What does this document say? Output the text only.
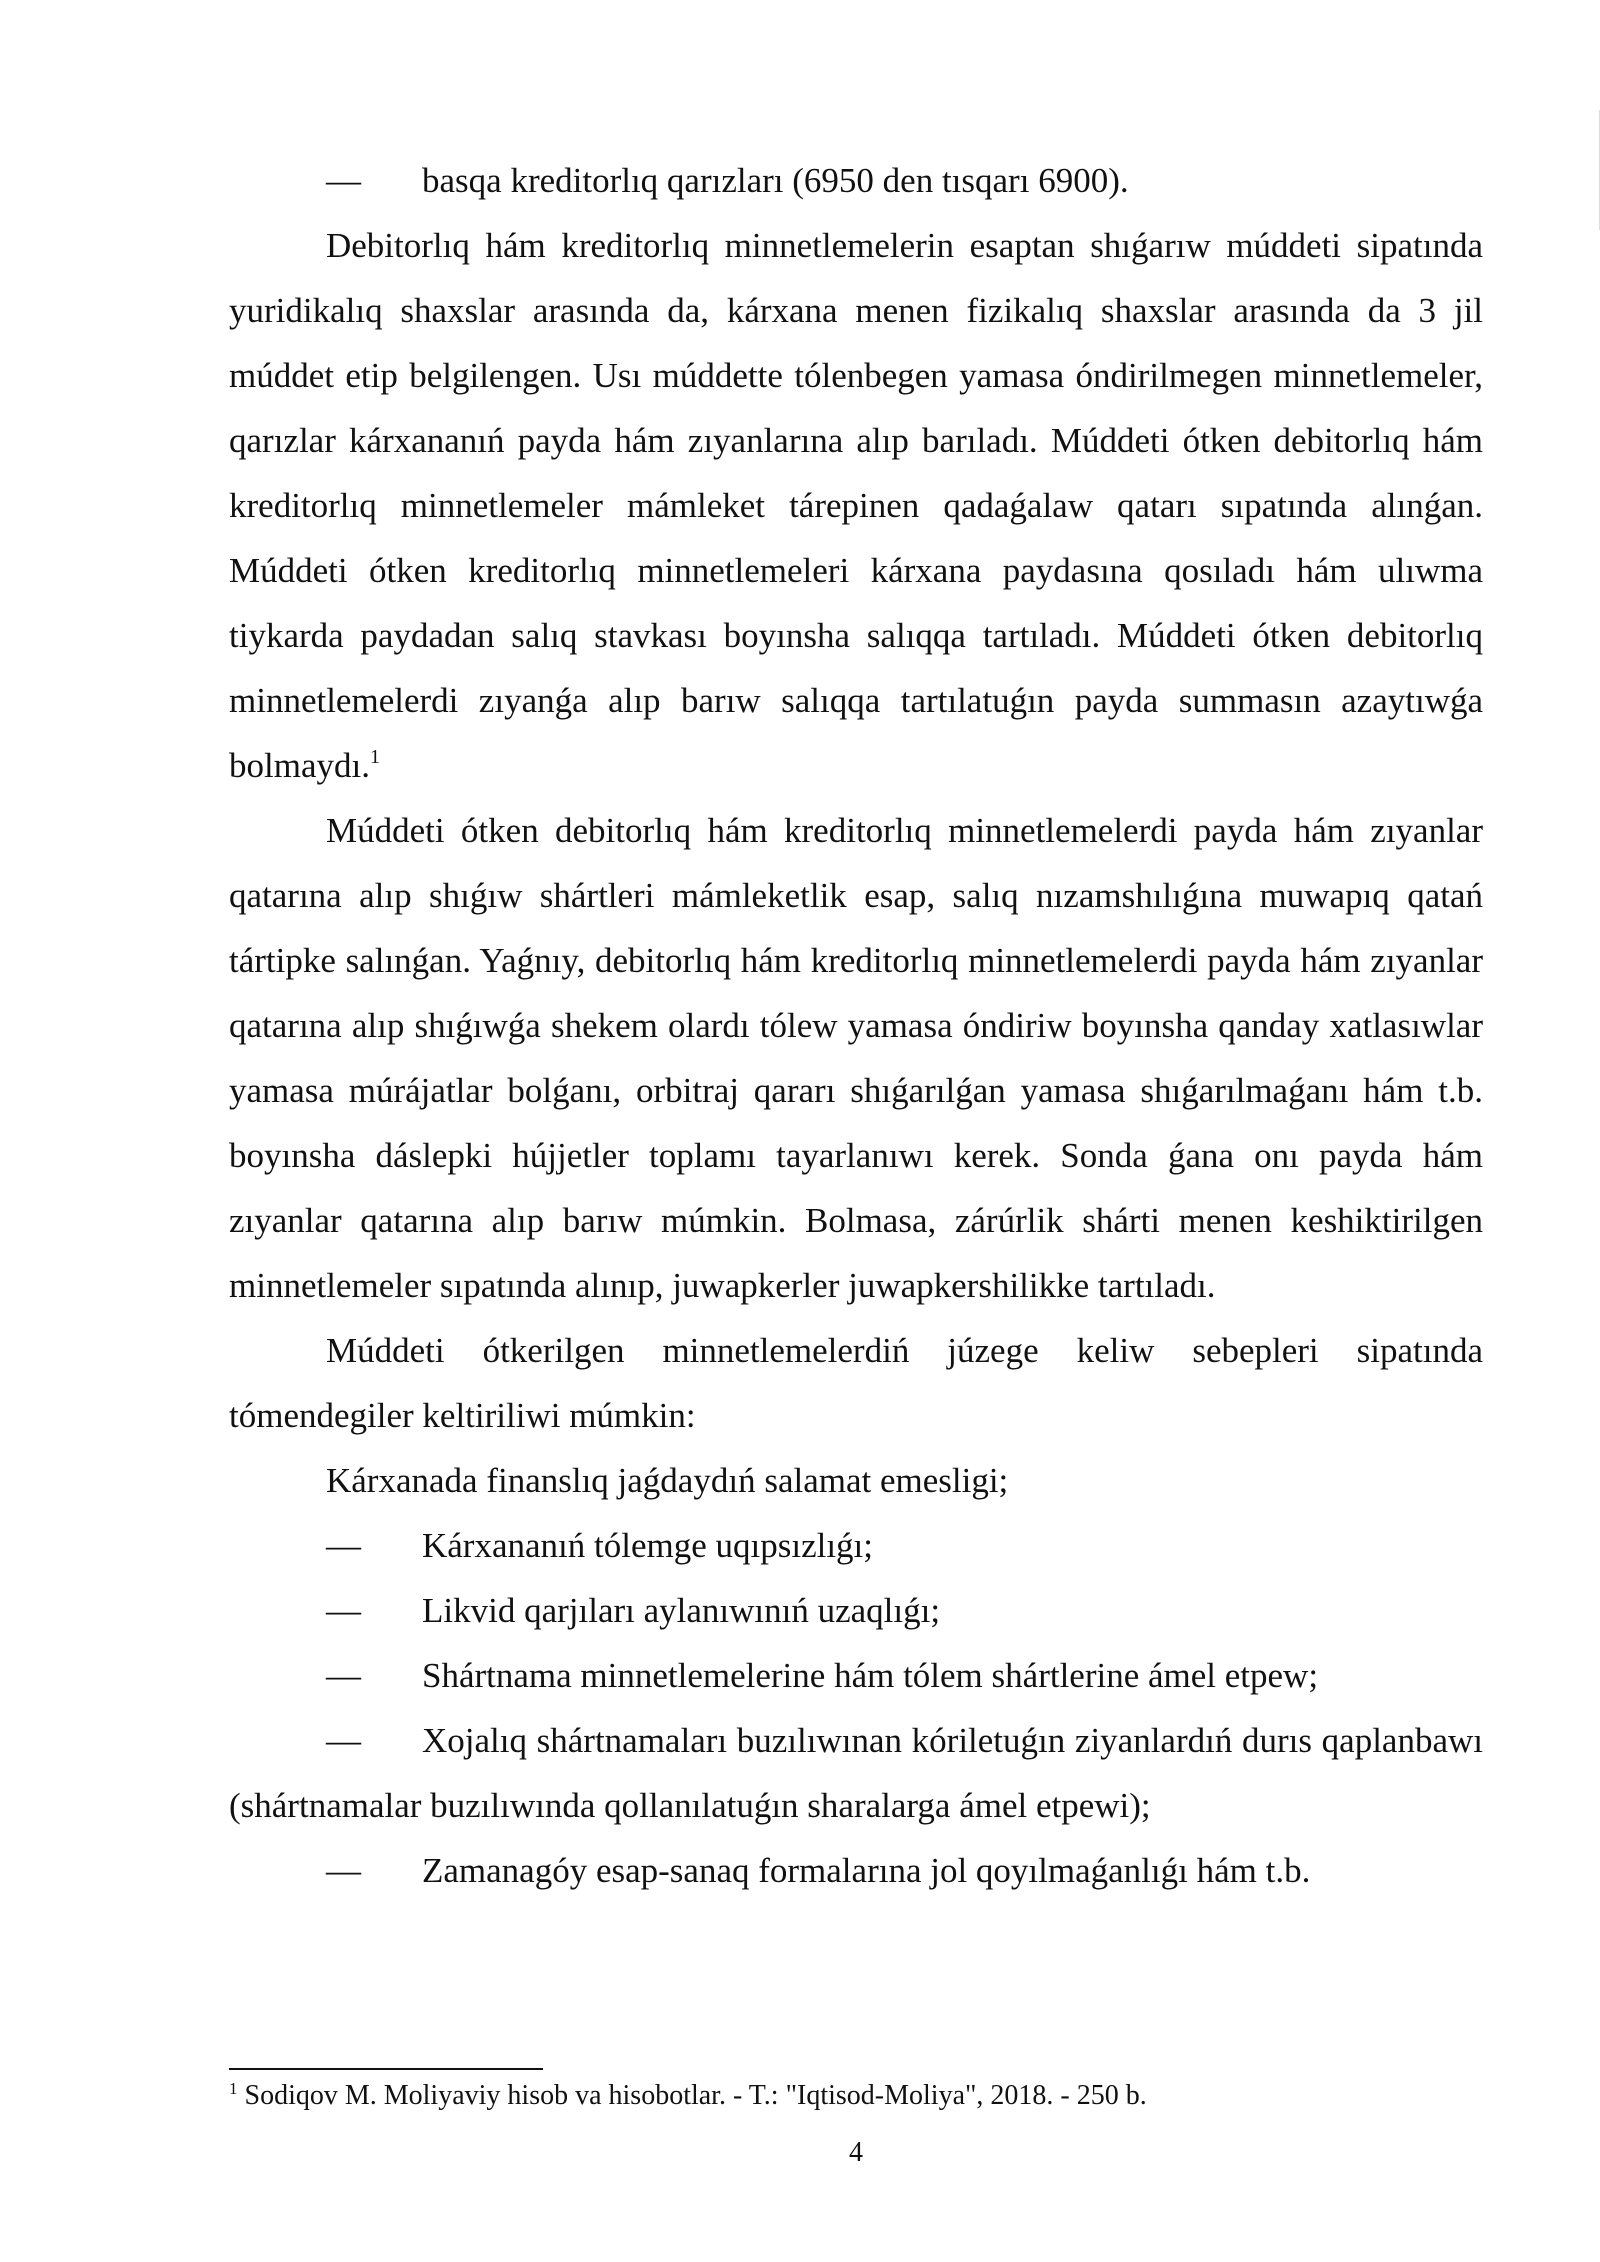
—	basqa kreditorlıq qarızları (6950 den tısqarı 6900).

Debitorlıq hám kreditorlıq minnetlemelerin esaptan shıǵarıw múddeti sipatında yuridikalıq shaxslar arasında da, kárxana menen fizikalıq shaxslar arasında da 3 jil múddet etip belgilengen. Usı múddette tólenbegen yamasa óndirilmegen minnetlemeler, qarızlar kárxananıń payda hám zıyanlarına alıp barıladı. Múddeti ótken debitorlıq hám kreditorlıq minnetlemeler mámleket tárepinen qadaǵalaw qatarı sıpatında alınǵan. Múddeti ótken kreditorlıq minnetlemeleri kárxana paydasına qosıladı hám ulıwma tiykarda paydadan salıq stavkası boyınsha salıqqa tartıladı. Múddeti ótken debitorlıq minnetlemelerdi zıyanǵa alıp barıw salıqqa tartılatuǵın payda summasın azaytıwǵa bolmaydı.$^1$

Múddeti ótken debitorlıq hám kreditorlıq minnetlemelerdi payda hám zıyanlar qatarına alıp shıǵıw shártleri mámleketlik esap, salıq nızamshılıǵına muwapıq qatań tártipke salınǵan. Yaǵnıy, debitorlıq hám kreditorlıq minnetlemelerdi payda hám zıyanlar qatarına alıp shıǵıwǵa shekem olardı tólew yamasa óndiriw boyınsha qanday xatlasıwlar yamasa múrájatlar bolǵanı, orbitraj qararı shıǵarılǵan yamasa shıǵarılmaǵanı hám t.b. boyınsha dáslepki hújjetler toplamı tayarlanıwı kerek. Sonda ǵana onı payda hám zıyanlar qatarına alıp barıw múmkin. Bolmasa, zárúrlik shárti menen keshiktirilgen minnetlemeler sıpatında alınıp, juwapkerler juwapkershilikke tartıladı.

Múddeti ótkerilgen minnetlemelerdiń júzege keliw sebepleri sipatında tómendegiler keltiriliwi múmkin:

Kárxanada finanslıq jaǵdaydıń salamat emesligi;

—	Kárxananıń tólemge uqıpsızlıǵı;
—	Likvid qarjıları aylanıwınıń uzaqlıǵı;
—	Shártnama minnetlemelerine hám tólem shártlerine ámel etpew;

— Xojalıq shártnamaları buzılıwınan kóriletuǵın ziyanlardıń durıs qaplanbawı (shártnamalar buzılıwında qollanılatuǵın sharalarga ámel etpewi);

—	Zamanagóy esap-sanaq formalarına jol qoyılmaǵanlıǵı hám t.b.
$^1$ Sodiqov M. Moliyaviy hisob va hisobotlar. - T.: "Iqtisod-Moliya", 2018. - 250 b.
4
